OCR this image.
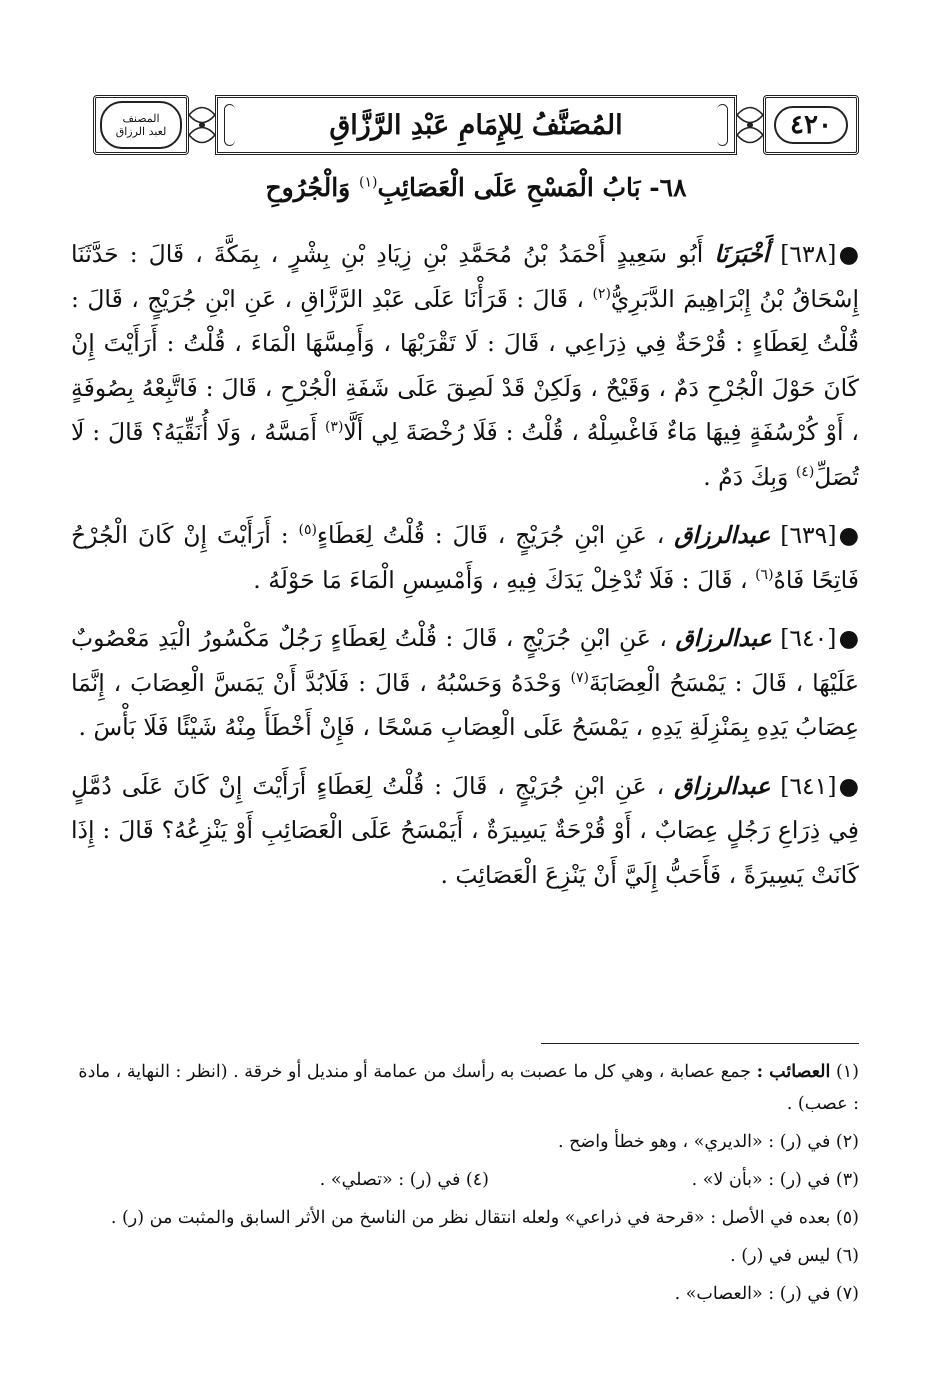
المصنف
لعبد الرزاق	المُصَنَّفُ لِلإِمَامِ عَبْدِ الرَّزَّاقِ	٤٢٠
٦٨- بَابُ الْمَسْحِ عَلَى الْعَصَائِبِ$^{(١)}$ وَالْجُرُوحِ

●[٦٣٨] أَخْبَرَنَا أَبُو سَعِيدٍ أَحْمَدُ بْنُ مُحَمَّدِ بْنِ زِيَادِ بْنِ بِشْرٍ ، بِمَكَّةَ ، قَالَ : حَدَّثَنَا إِسْحَاقُ بْنُ إِبْرَاهِيمَ الدَّبَرِيُّ$^{(٢)}$ ، قَالَ : قَرَأْنَا عَلَى عَبْدِ الرَّزَّاقِ ، عَنِ ابْنِ جُرَيْجٍ ، قَالَ : قُلْتُ لِعَطَاءٍ : قُرْحَةٌ فِي ذِرَاعِي ، قَالَ : لَا تَقْرَبْهَا ، وَأَمِسَّهَا الْمَاءَ ، قُلْتُ : أَرَأَيْتَ إِنْ كَانَ حَوْلَ الْجُرْحِ دَمٌ ، وَقَيْحٌ ، وَلَكِنْ قَدْ لَصِقَ عَلَى شَفَةِ الْجُرْحِ ، قَالَ : فَاتَّبِعْهُ بِصُوفَةٍ ، أَوْ كُرْسُفَةٍ فِيهَا مَاءٌ فَاغْسِلْهُ ، قُلْتُ : فَلَا رُخْصَةَ لِي أَلَّا$^{(٣)}$ أَمَسَّهُ ، وَلَا أُنَقِّيَهُ؟ قَالَ : لَا تُصَلِّ$^{(٤)}$ وَبِكَ دَمٌ .

●[٦٣٩] عبدالرزاق ، عَنِ ابْنِ جُرَيْجٍ ، قَالَ : قُلْتُ لِعَطَاءٍ$^{(٥)}$ : أَرَأَيْتَ إِنْ كَانَ الْجُرْحُ فَاتِحًا فَاهُ$^{(٦)}$ ، قَالَ : فَلَا تُدْخِلْ يَدَكَ فِيهِ ، وَأَمْسِسِ الْمَاءَ مَا حَوْلَهُ .

●[٦٤٠] عبدالرزاق ، عَنِ ابْنِ جُرَيْجٍ ، قَالَ : قُلْتُ لِعَطَاءٍ رَجُلٌ مَكْسُورُ الْيَدِ مَعْصُوبٌ عَلَيْهَا ، قَالَ : يَمْسَحُ الْعِصَابَةَ$^{(٧)}$ وَحْدَهُ وَحَسْبُهُ ، قَالَ : فَلَابُدَّ أَنْ يَمَسَّ الْعِصَابَ ، إِنَّمَا عِصَابُ يَدِهِ بِمَنْزِلَةِ يَدِهِ ، يَمْسَحُ عَلَى الْعِصَابِ مَسْحًا ، فَإِنْ أَخْطَأَ مِنْهُ شَيْئًا فَلَا بَأْسَ .

●[٦٤١] عبدالرزاق ، عَنِ ابْنِ جُرَيْجٍ ، قَالَ : قُلْتُ لِعَطَاءٍ أَرَأَيْتَ إِنْ كَانَ عَلَى دُمَّلٍ فِي ذِرَاعِ رَجُلٍ عِصَابٌ ، أَوْ قُرْحَةٌ يَسِيرَةٌ ، أَيَمْسَحُ عَلَى الْعَصَائِبِ أَوْ يَنْزِعُهُ؟ قَالَ : إِذَا كَانَتْ يَسِيرَةً ، فَأَحَبُّ إِلَيَّ أَنْ يَنْزِعَ الْعَصَائِبَ .

(١) العصائب : جمع عصابة ، وهي كل ما عصبت به رأسك من عمامة أو منديل أو خرقة . (انظر : النهاية ، مادة : عصب) .

(٢) في (ر) : «الديري» ، وهو خطأ واضح .

(٣) في (ر) : «بأن لا» .
(٤) في (ر) : «تصلي» .

(٥) بعده في الأصل : «قرحة في ذراعي» ولعله انتقال نظر من الناسخ من الأثر السابق والمثبت من (ر) .

(٦) ليس في (ر) .

(٧) في (ر) : «العصاب» .
